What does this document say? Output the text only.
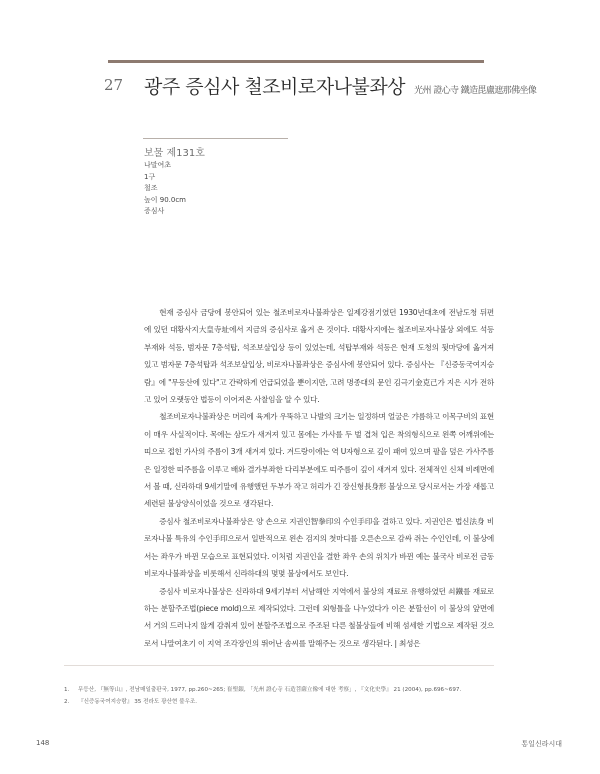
27 광주 증심사 철조비로자나불좌상 光州 證心寺 鐵造毘盧遮那佛坐像
보물 제131호
나말여초
1구
철조
높이 90.0cm
증심사

현재 증심사 금당에 봉안되어 있는 철조비로자나불좌상은 일제강점기였던 1930년대초에 전남도청 뒤편에 있던 대황사지大皇寺址에서 지금의 증심사로 옮겨 온 것이다. 대황사지에는 철조비로자나불상 외에도 석등부재와 석등, 범자문 7층석탑, 석조보살입상 등이 있었는데, 석탑부재와 석등은 현재 도청의 뒷마당에 옮겨져 있고 범자문 7층석탑과 석조보살입상, 비로자나불좌상은 증심사에 봉안되어 있다. 증심사는 『신증동국여지승람』에 "무등산에 있다"고 간략하게 언급되었을 뿐이지만, 고려 명종대의 문인 김극기金克己가 지은 시가 전하고 있어 오랫동안 법등이 이어져온 사찰임을 알 수 있다.

철조비로자나불좌상은 머리에 육계가 우뚝하고 나발의 크기는 일정하며 얼굴은 갸름하고 이목구비의 표현이 매우 사실적이다. 목에는 삼도가 새겨져 있고 몸에는 가사를 두 벌 겹쳐 입은 착의형식으로 왼쪽 어깨위에는 띠으로 접힌 가사의 주름이 3개 새겨져 있다. 겨드랑이에는 역 U자형으로 깊이 패여 있으며 팔을 덮은 가사주름은 일정한 띠주름을 이루고 배와 결가부좌한 다리부분에도 띠주름이 깊이 새겨져 있다. 전체적인 신체 비례면에서 볼 때, 신라하대 9세기말에 유행했던 두부가 작고 허리가 긴 장신형長身形 불상으로 당시로서는 가장 새롭고 세련된 불상양식이었을 것으로 생각된다.

증심사 철조비로자나불좌상은 양 손으로 지권인智拳印의 수인手印을 결하고 있다. 지권인은 법신法身 비로자나불 특유의 수인手印으로서 일반적으로 왼손 검지의 첫마디를 오른손으로 감싸 쥐는 수인인데, 이 불상에서는 좌우가 바뀐 모습으로 표현되었다. 이처럼 지권인을 결한 좌우 손의 위치가 바뀐 예는 불국사 비로전 금동비로자나불좌상을 비롯해서 신라하대의 몇몇 불상에서도 보인다.

증심사 비로자나불상은 신라하대 9세기부터 서남해안 지역에서 불상의 재료로 유행하였던 쇠鐵를 재료로 하는 분할주조법(piece mold)으로 제작되었다. 그런데 외형틀을 나누었다가 이은 분할선이 이 불상의 앞면에서 거의 드러나지 않게 감춰져 있어 분할주조법으로 주조된 다른 철불상들에 비해 섬세한 기법으로 제작된 것으로서 나말여초기 이 지역 조각장인의 뛰어난 솜씨를 말해주는 것으로 생각된다. | 최성은

1. 무등산, 『無等山』, 전남매일출판국, 1977, pp.260~265; 崔聖銀, 「光州 證心寺 石造菩薩立像에 대한 考察」, 『文化史學』 21 (2004), pp.696~697.
2. 『신증동국여지승람』 35 전라도 광산현 불우조.
148	통일신라시대
